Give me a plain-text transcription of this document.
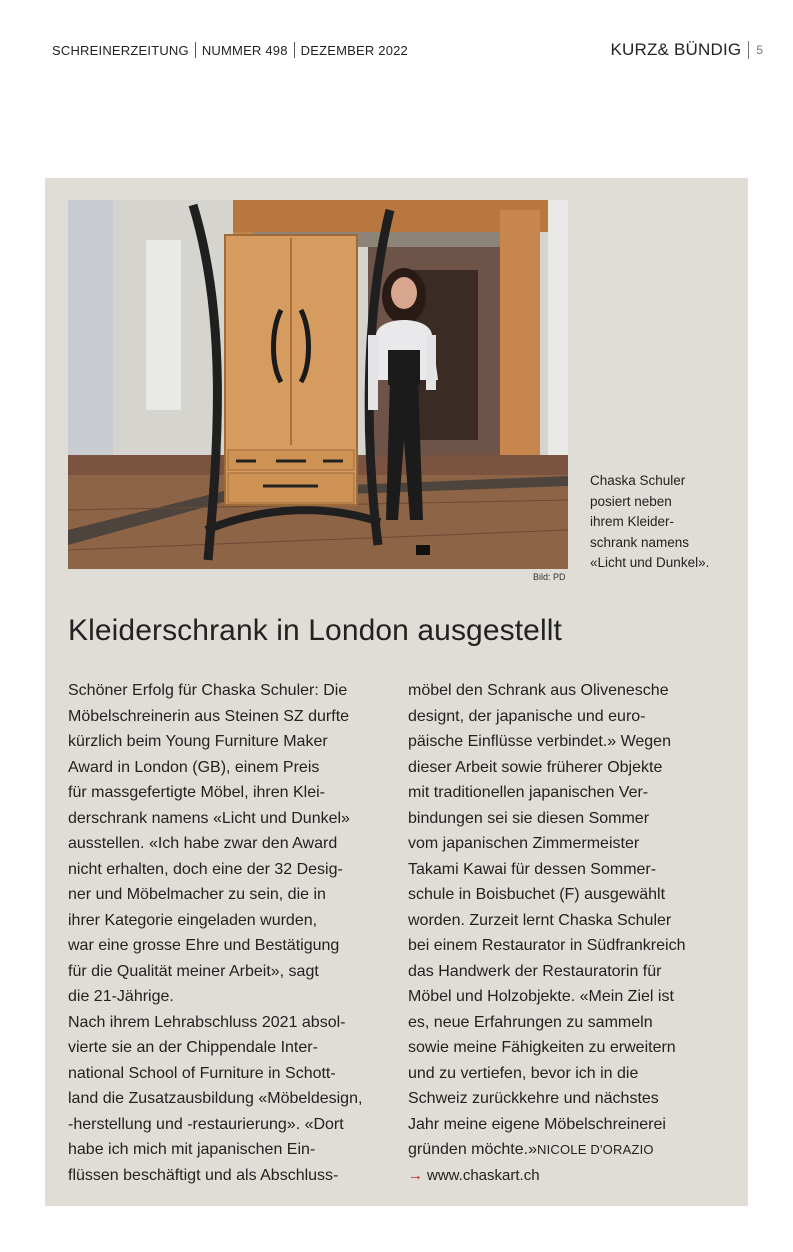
SCHREINERZEITUNG NUMMER 498 DEZEMBER 2022	KURZ& BÜNDIG 5
Bild: PD
Chaska Schuler
posiert neben
ihrem Kleider-
schrank namens
«Licht und Dunkel».
Kleiderschrank in London ausgestellt
Schöner Erfolg für Chaska Schuler: Die
Möbelschreinerin aus Steinen SZ durfte
kürzlich beim Young Furniture Maker
Award in London (GB), einem Preis
für massgefertigte Möbel, ihren Klei-
derschrank namens «Licht und Dunkel»
ausstellen. «Ich habe zwar den Award
nicht erhalten, doch eine der 32 Desig-
ner und Möbelmacher zu sein, die in
ihrer Kategorie eingeladen wurden,
war eine grosse Ehre und Bestätigung
für die Qualität meiner Arbeit», sagt
die 21-Jährige.
Nach ihrem Lehrabschluss 2021 absol-
vierte sie an der Chippendale Inter-
national School of Furniture in Schott-
land die Zusatzausbildung «Möbeldesign,
-herstellung und -restaurierung». «Dort
habe ich mich mit japanischen Ein-
flüssen beschäftigt und als Abschluss-
möbel den Schrank aus Olivenesche
designt, der japanische und euro-
päische Einflüsse verbindet.» Wegen
dieser Arbeit sowie früherer Objekte
mit traditionellen japanischen Ver-
bindungen sei sie diesen Sommer
vom japanischen Zimmermeister
Takami Kawai für dessen Sommer-
schule in Boisbuchet (F) ausgewählt
worden. Zurzeit lernt Chaska Schuler
bei einem Restaurator in Südfrankreich
das Handwerk der Restauratorin für
Möbel und Holzobjekte. «Mein Ziel ist
es, neue Erfahrungen zu sammeln
sowie meine Fähigkeiten zu erweitern
und zu vertiefen, bevor ich in die
Schweiz zurückkehre und nächstes
Jahr meine eigene Möbelschreinerei
gründen möchte.»NICOLE D'ORAZIO
→ www.chaskart.ch
